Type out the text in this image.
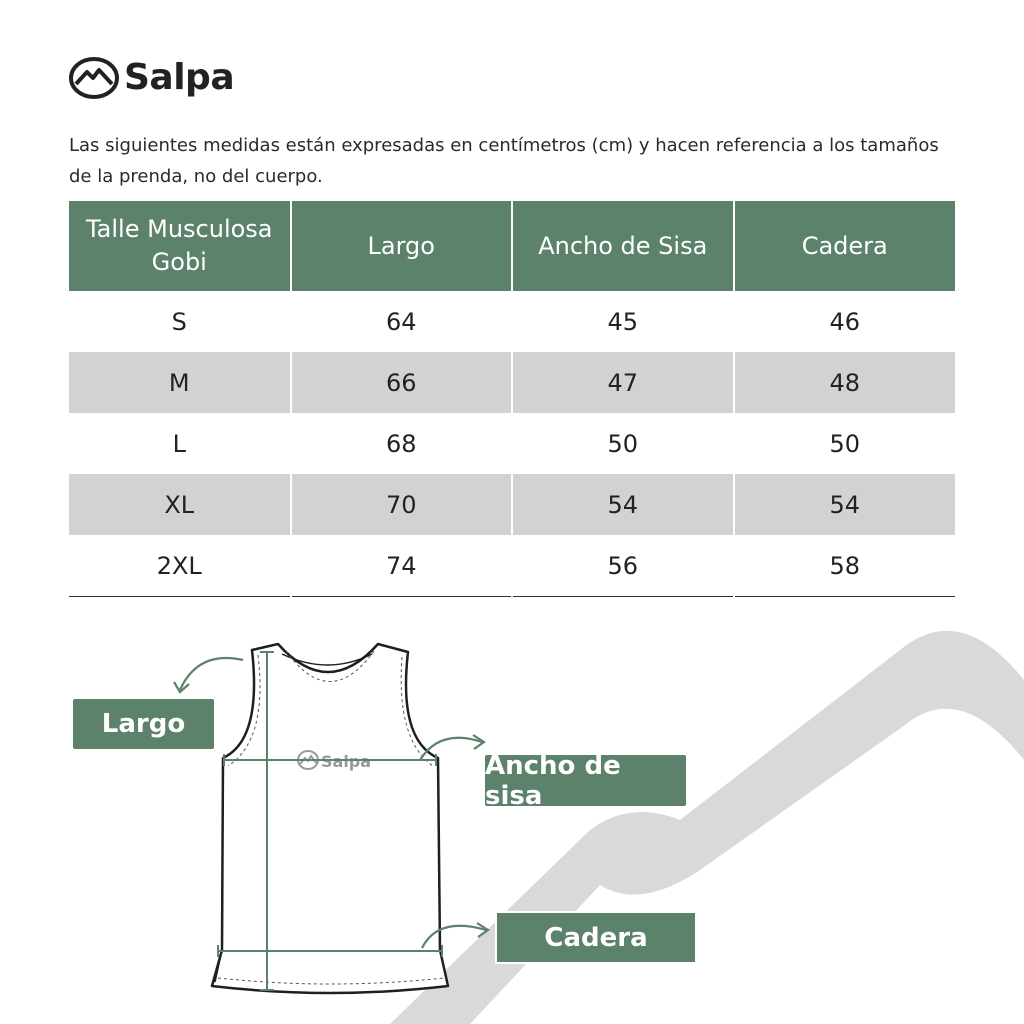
Salpa
Las siguientes medidas están expresadas en centímetros (cm) y hacen referencia a los tamaños de la prenda, no del cuerpo.
Talle Musculosa Gobi	Largo	Ancho de Sisa	Cadera
S	64	45	46
M	66	47	48
L	68	50	50
XL	70	54	54
2XL	74	56	58
Salpa
Largo
Ancho de sisa
Cadera
